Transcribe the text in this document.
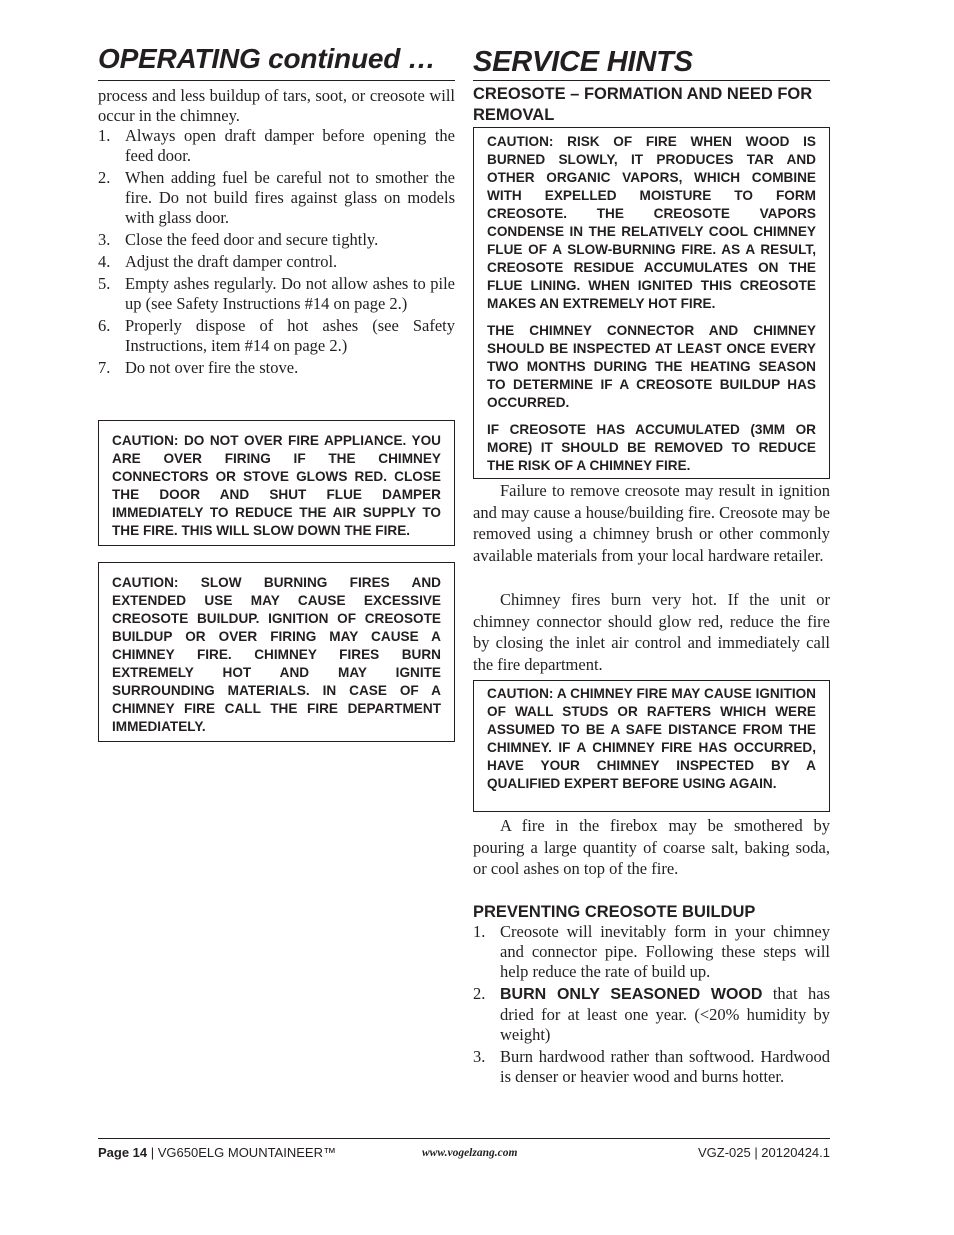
OPERATING continued …
process and less buildup of tars, soot, or creosote will occur in the chimney.
1. Always open draft damper before opening the feed door.
2. When adding fuel be careful not to smother the fire. Do not build fires against glass on models with glass door.
3. Close the feed door and secure tightly.
4. Adjust the draft damper control.
5. Empty ashes regularly. Do not allow ashes to pile up (see Safety Instructions #14 on page 2.)
6. Properly dispose of hot ashes (see Safety Instructions, item #14 on page 2.)
7. Do not over fire the stove.

CAUTION: DO NOT OVER FIRE APPLIANCE. YOU ARE OVER FIRING IF THE CHIMNEY CONNECTORS OR STOVE GLOWS RED. CLOSE THE DOOR AND SHUT FLUE DAMPER IMMEDIATELY TO REDUCE THE AIR SUPPLY TO THE FIRE. THIS WILL SLOW DOWN THE FIRE.

CAUTION: SLOW BURNING FIRES AND EXTENDED USE MAY CAUSE EXCESSIVE CREOSOTE BUILDUP. IGNITION OF CREOSOTE BUILDUP OR OVER FIRING MAY CAUSE A CHIMNEY FIRE. CHIMNEY FIRES BURN EXTREMELY HOT AND MAY IGNITE SURROUNDING MATERIALS. IN CASE OF A CHIMNEY FIRE CALL THE FIRE DEPARTMENT IMMEDIATELY.

SERVICE HINTS
CREOSOTE – FORMATION AND NEED FOR REMOVAL

CAUTION: RISK OF FIRE WHEN WOOD IS BURNED SLOWLY, IT PRODUCES TAR AND OTHER ORGANIC VAPORS, WHICH COMBINE WITH EXPELLED MOISTURE TO FORM CREOSOTE. THE CREOSOTE VAPORS CONDENSE IN THE RELATIVELY COOL CHIMNEY FLUE OF A SLOW-BURNING FIRE. AS A RESULT, CREOSOTE RESIDUE ACCUMULATES ON THE FLUE LINING. WHEN IGNITED THIS CREOSOTE MAKES AN EXTREMELY HOT FIRE.

THE CHIMNEY CONNECTOR AND CHIMNEY SHOULD BE INSPECTED AT LEAST ONCE EVERY TWO MONTHS DURING THE HEATING SEASON TO DETERMINE IF A CREOSOTE BUILDUP HAS OCCURRED.

IF CREOSOTE HAS ACCUMULATED (3MM OR MORE) IT SHOULD BE REMOVED TO REDUCE THE RISK OF A CHIMNEY FIRE.

Failure to remove creosote may result in ignition and may cause a house/building fire. Creosote may be removed using a chimney brush or other commonly available materials from your local hardware retailer.
Chimney fires burn very hot. If the unit or chimney connector should glow red, reduce the fire by closing the inlet air control and immediately call the fire department.

CAUTION: A CHIMNEY FIRE MAY CAUSE IGNITION OF WALL STUDS OR RAFTERS WHICH WERE ASSUMED TO BE A SAFE DISTANCE FROM THE CHIMNEY. IF A CHIMNEY FIRE HAS OCCURRED, HAVE YOUR CHIMNEY INSPECTED BY A QUALIFIED EXPERT BEFORE USING AGAIN.

A fire in the firebox may be smothered by pouring a large quantity of coarse salt, baking soda, or cool ashes on top of the fire.
PREVENTING CREOSOTE BUILDUP
1. Creosote will inevitably form in your chimney and connector pipe. Following these steps will help reduce the rate of build up.
2. BURN ONLY SEASONED WOOD that has dried for at least one year. (<20% humidity by weight)
3. Burn hardwood rather than softwood. Hardwood is denser or heavier wood and burns hotter.
Page 14 | VG650ELG MOUNTAINEER™	www.vogelzang.com	VGZ-025 | 20120424.1
